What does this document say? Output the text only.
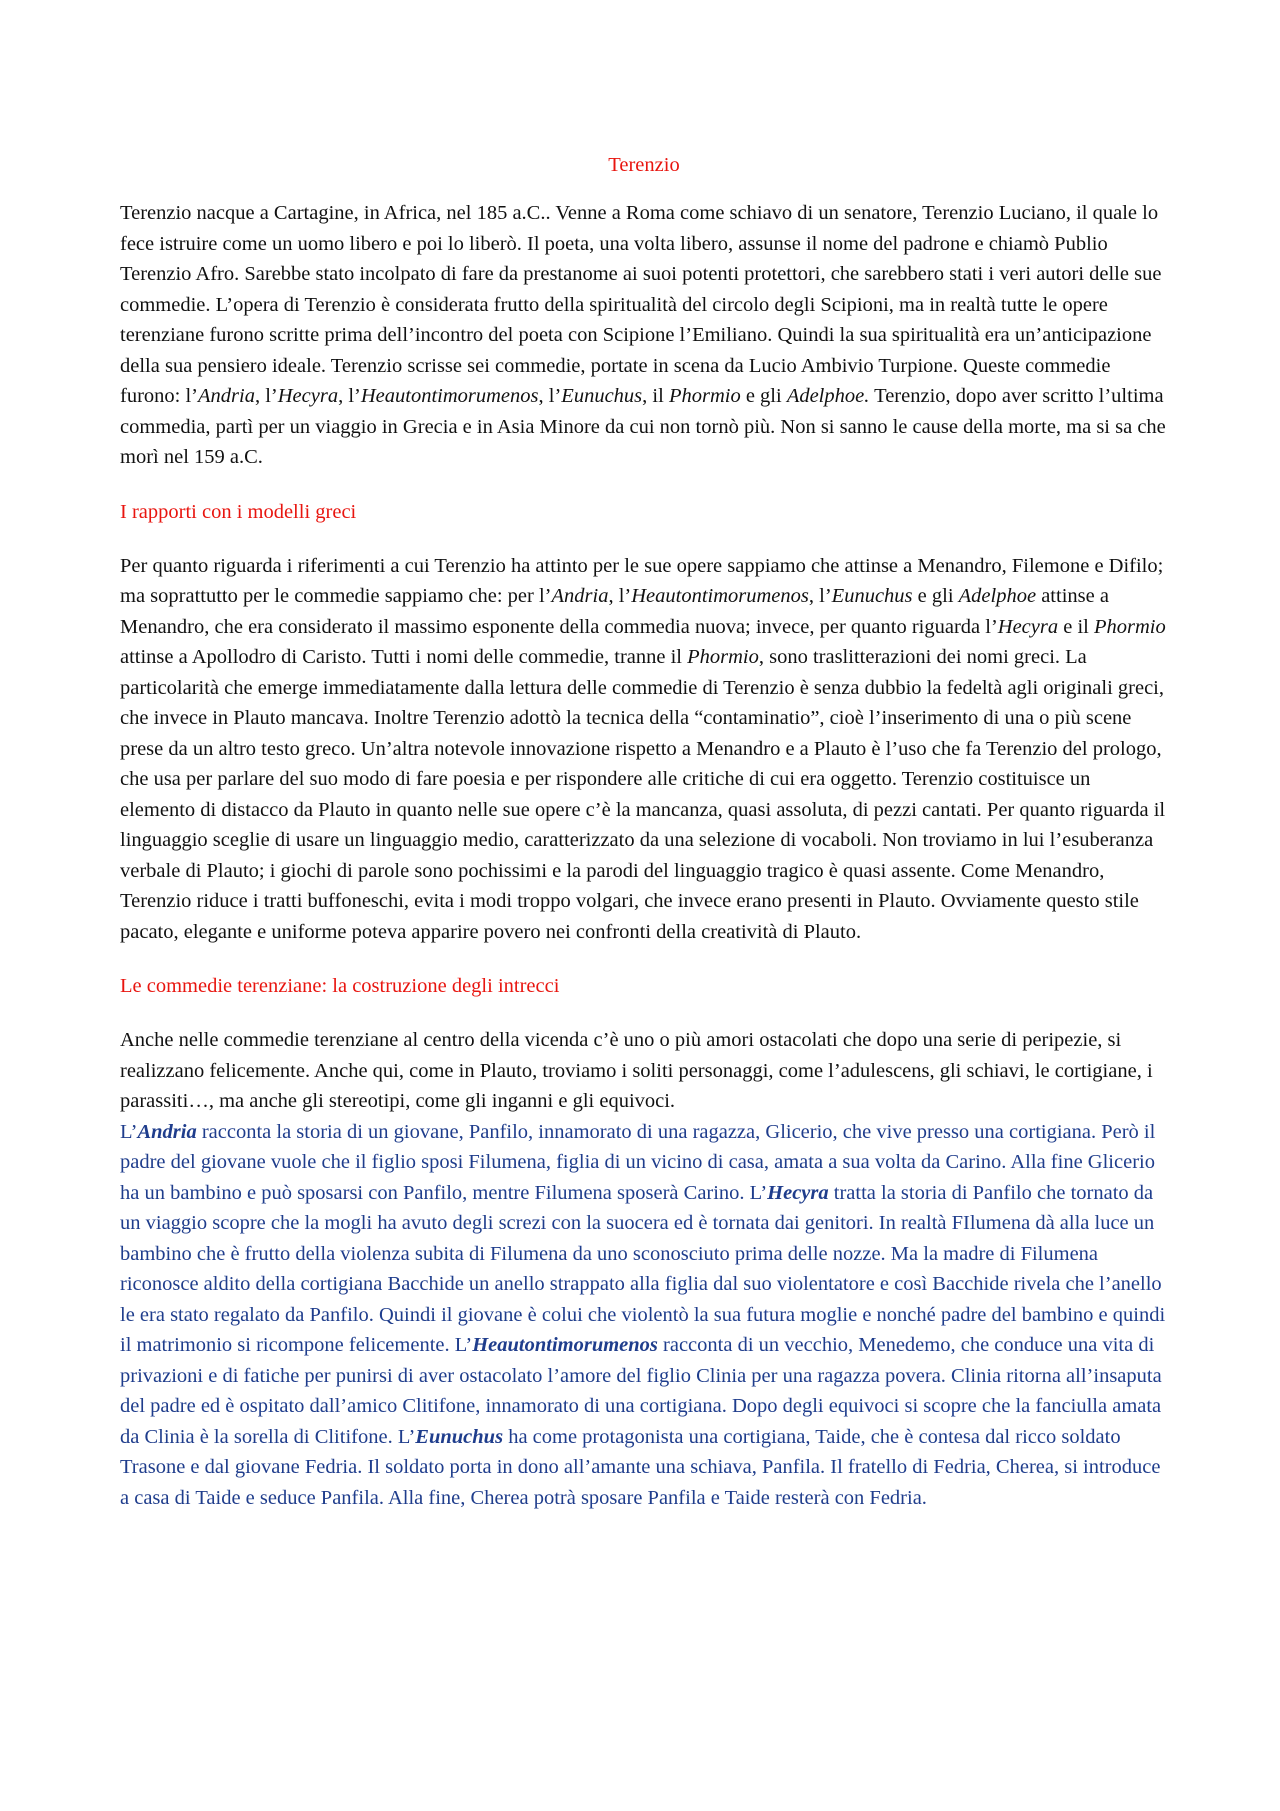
Terenzio

Terenzio nacque a Cartagine, in Africa, nel 185 a.C.. Venne a Roma come schiavo di un senatore, Terenzio Luciano, il quale lo fece istruire come un uomo libero e poi lo liberò. Il poeta, una volta libero, assunse il nome del padrone e chiamò Publio Terenzio Afro. Sarebbe stato incolpato di fare da prestanome ai suoi potenti protettori, che sarebbero stati i veri autori delle sue commedie. L’opera di Terenzio è considerata frutto della spiritualità del circolo degli Scipioni, ma in realtà tutte le opere terenziane furono scritte prima dell’incontro del poeta con Scipione l’Emiliano. Quindi la sua spiritualità era un’anticipazione della sua pensiero ideale. Terenzio scrisse sei commedie, portate in scena da Lucio Ambivio Turpione. Queste commedie furono: l’Andria, l’Hecyra, l’Heautontimorumenos, l’Eunuchus, il Phormio e gli Adelphoe. Terenzio, dopo aver scritto l’ultima commedia, partì per un viaggio in Grecia e in Asia Minore da cui non tornò più. Non si sanno le cause della morte, ma si sa che morì nel 159 a.C.

I rapporti con i modelli greci

Per quanto riguarda i riferimenti a cui Terenzio ha attinto per le sue opere sappiamo che attinse a Menandro, Filemone e Difilo; ma soprattutto per le commedie sappiamo che: per l’Andria, l’Heautontimorumenos, l’Eunuchus e gli Adelphoe attinse a Menandro, che era considerato il massimo esponente della commedia nuova; invece, per quanto riguarda l’Hecyra e il Phormio attinse a Apollodro di Caristo. Tutti i nomi delle commedie, tranne il Phormio, sono traslitterazioni dei nomi greci. La particolarità che emerge immediatamente dalla lettura delle commedie di Terenzio è senza dubbio la fedeltà agli originali greci, che invece in Plauto mancava. Inoltre Terenzio adottò la tecnica della “contaminatio”, cioè l’inserimento di una o più scene prese da un altro testo greco. Un’altra notevole innovazione rispetto a Menandro e a Plauto è l’uso che fa Terenzio del prologo, che usa per parlare del suo modo di fare poesia e per rispondere alle critiche di cui era oggetto. Terenzio costituisce un elemento di distacco da Plauto in quanto nelle sue opere c’è la mancanza, quasi assoluta, di pezzi cantati. Per quanto riguarda il linguaggio sceglie di usare un linguaggio medio, caratterizzato da una selezione di vocaboli. Non troviamo in lui l’esuberanza verbale di Plauto; i giochi di parole sono pochissimi e la parodi del linguaggio tragico è quasi assente. Come Menandro, Terenzio riduce i tratti buffoneschi, evita i modi troppo volgari, che invece erano presenti in Plauto. Ovviamente questo stile pacato, elegante e uniforme poteva apparire povero nei confronti della creatività di Plauto.

Le commedie terenziane: la costruzione degli intrecci

Anche nelle commedie terenziane al centro della vicenda c’è uno o più amori ostacolati che dopo una serie di peripezie, si realizzano felicemente. Anche qui, come in Plauto, troviamo i soliti personaggi, come l’adulescens, gli schiavi, le cortigiane, i parassiti…, ma anche gli stereotipi, come gli inganni e gli equivoci.

L’Andria racconta la storia di un giovane, Panfilo, innamorato di una ragazza, Glicerio, che vive presso una cortigiana. Però il padre del giovane vuole che il figlio sposi Filumena, figlia di un vicino di casa, amata a sua volta da Carino. Alla fine Glicerio ha un bambino e può sposarsi con Panfilo, mentre Filumena sposerà Carino. L’Hecyra tratta la storia di Panfilo che tornato da un viaggio scopre che la mogli ha avuto degli screzi con la suocera ed è tornata dai genitori. In realtà FIlumena dà alla luce un bambino che è frutto della violenza subita di Filumena da uno sconosciuto prima delle nozze. Ma la madre di Filumena riconosce aldito della cortigiana Bacchide un anello strappato alla figlia dal suo violentatore e così Bacchide rivela che l’anello le era stato regalato da Panfilo. Quindi il giovane è colui che violentò la sua futura moglie e nonché padre del bambino e quindi il matrimonio si ricompone felicemente. L’Heautontimorumenos racconta di un vecchio, Menedemo, che conduce una vita di privazioni e di fatiche per punirsi di aver ostacolato l’amore del figlio Clinia per una ragazza povera. Clinia ritorna all’insaputa del padre ed è ospitato dall’amico Clitifone, innamorato di una cortigiana. Dopo degli equivoci si scopre che la fanciulla amata da Clinia è la sorella di Clitifone. L’Eunuchus ha come protagonista una cortigiana, Taide, che è contesa dal ricco soldato Trasone e dal giovane Fedria. Il soldato porta in dono all’amante una schiava, Panfila. Il fratello di Fedria, Cherea, si introduce a casa di Taide e seduce Panfila. Alla fine, Cherea potrà sposare Panfila e Taide resterà con Fedria.
